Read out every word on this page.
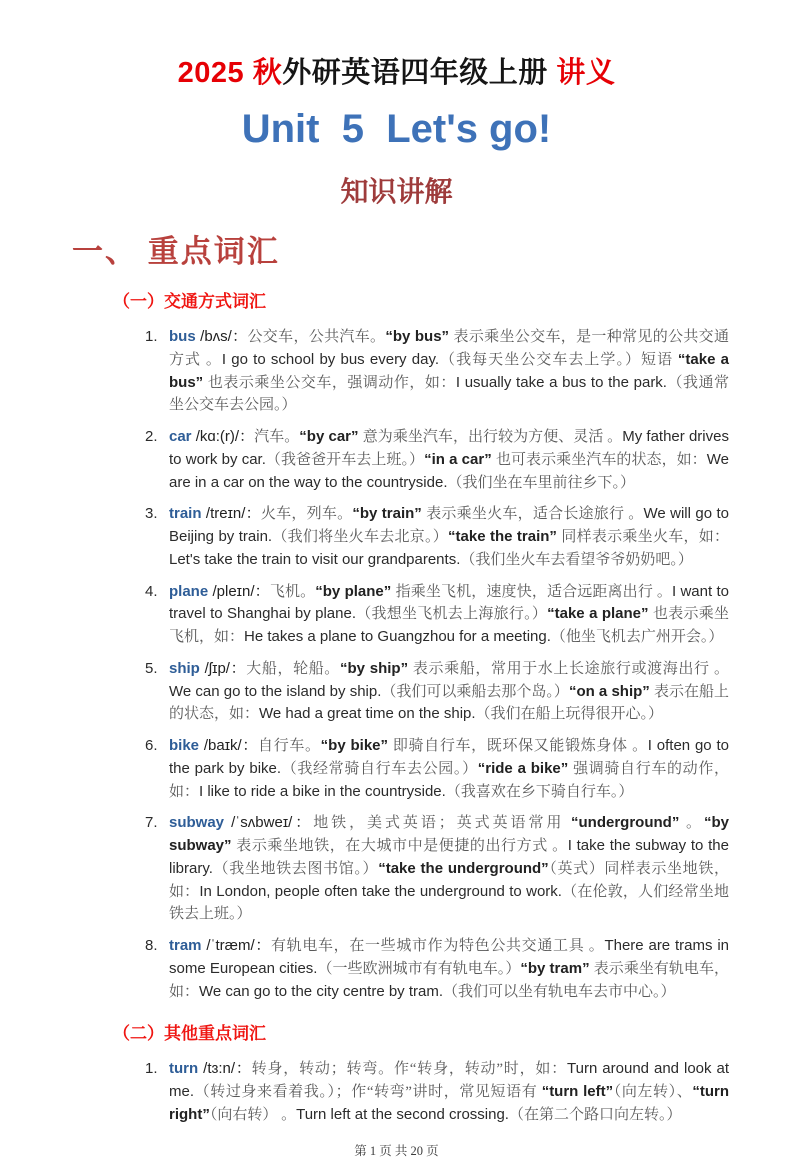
2025 秋外研英语四年级上册 讲义
Unit  5  Let's go!
知识讲解
一、 重点词汇
（一）交通方式词汇
1. bus /bʌs/：公交车，公共汽车。“by bus” 表示乘坐公交车，是一种常见的公共交通方式 。I go to school by bus every day.（我每天坐公交车去上学。）短语 “take a bus” 也表示乘坐公交车，强调动作，如：I usually take a bus to the park.（我通常坐公交车去公园。）
2. car /kɑ:(r)/：汽车。“by car” 意为乘坐汽车，出行较为方便、灵活 。My father drives to work by car.（我爸爸开车去上班。）“in a car” 也可表示乘坐汽车的状态，如：We are in a car on the way to the countryside.（我们坐在车里前往乡下。）
3. train /treɪn/：火车，列车。“by train” 表示乘坐火车，适合长途旅行 。We will go to Beijing by train.（我们将坐火车去北京。）“take the train” 同样表示乘坐火车，如：Let's take the train to visit our grandparents.（我们坐火车去看望爷爷奶奶吧。）
4. plane /pleɪn/：飞机。“by plane” 指乘坐飞机，速度快，适合远距离出行 。I want to travel to Shanghai by plane.（我想坐飞机去上海旅行。）“take a plane” 也表示乘坐飞机，如：He takes a plane to Guangzhou for a meeting.（他坐飞机去广州开会。）
5. ship /ʃɪp/：大船，轮船。“by ship” 表示乘船，常用于水上长途旅行或渡海出行 。We can go to the island by ship.（我们可以乘船去那个岛。）“on a ship” 表示在船上的状态，如：We had a great time on the ship.（我们在船上玩得很开心。）
6. bike /baɪk/：自行车。“by bike” 即骑自行车，既环保又能锻炼身体 。I often go to the park by bike.（我经常骑自行车去公园。）“ride a bike” 强调骑自行车的动作，如：I like to ride a bike in the countryside.（我喜欢在乡下骑自行车。）
7. subway /ˈsʌbweɪ/：地铁，美式英语；英式英语常用 “underground” 。“by subway” 表示乘坐地铁，在大城市中是便捷的出行方式 。I take the subway to the library.（我坐地铁去图书馆。）“take the underground”（英式）同样表示坐地铁，如：In London, people often take the underground to work.（在伦敦，人们经常坐地铁去上班。）
8. tram /ˈtræm/：有轨电车，在一些城市作为特色公共交通工具 。There are trams in some European cities.（一些欧洲城市有有轨电车。）“by tram” 表示乘坐有轨电车，如：We can go to the city centre by tram.（我们可以坐有轨电车去市中心。）
（二）其他重点词汇
1. turn /tɜ:n/：转身，转动；转弯。作“转身，转动”时，如：Turn around and look at me.（转过身来看着我。）；作“转弯”讲时，常见短语有 “turn left”（向左转）、“turn right”（向右转） 。Turn left at the second crossing.（在第二个路口向左转。）
第 1 页 共 20 页
